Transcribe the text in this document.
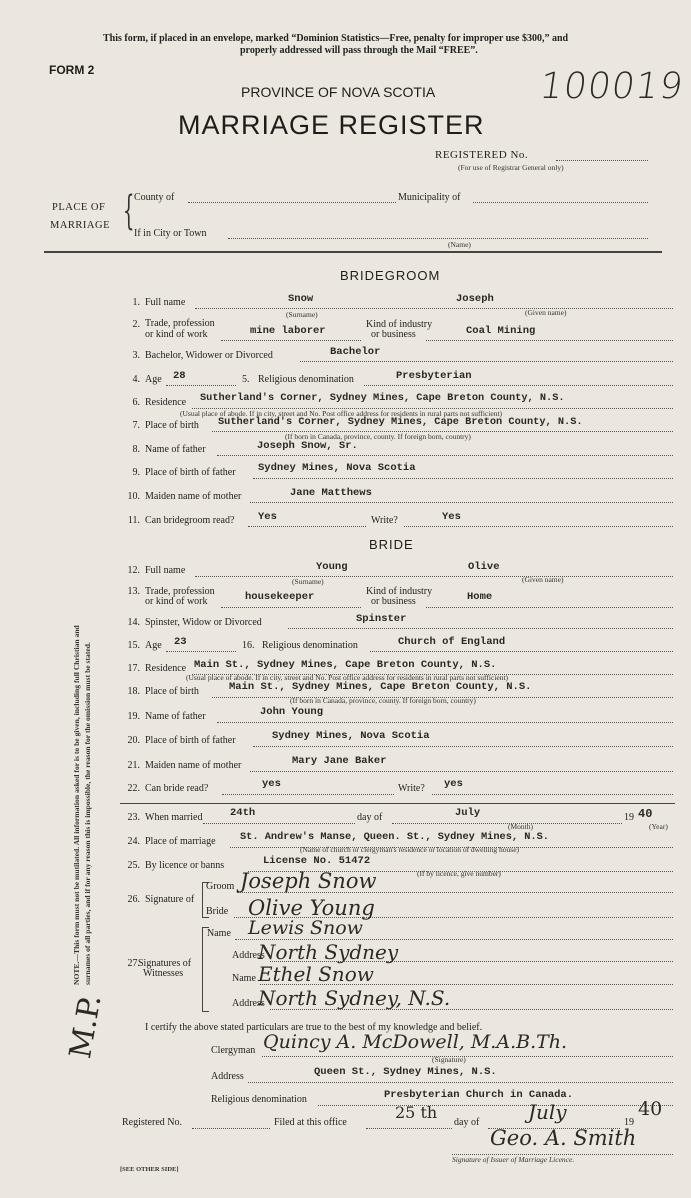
This form, if placed in an envelope, marked “Dominion Statistics—Free, penalty for improper use $300,” and
properly addressed will pass through the Mail “FREE”.
FORM 2	100019
PROVINCE OF NOVA SCOTIA
MARRIAGE REGISTER
REGISTERED No.
(For use of Registrar General only)
PLACE OF
MARRIAGE { County of	Municipality of
If in City or Town
(Name)
NOTE.—This form must not be mutilated. All information asked for is to be given, including full Christian and surnames of all parties, and if for any reason this is impossible, the reason for the omission must be stated.
M.P.
BRIDEGROOM
1. Full name	Snow	Joseph
(Surname)	(Given name)
2. Trade, profession
or kind of work	mine laborer
Kind of industry
or business	Coal Mining
3. Bachelor, Widower or Divorced	Bachelor
4. Age 28	5. Religious denomination	Presbyterian
6. Residence Sutherland's Corner, Sydney Mines, Cape Breton County, N.S.
(Usual place of abode. If in city, street and No. Post office address for residents in rural parts not sufficient)
7. Place of birth Sutherland's Corner, Sydney Mines, Cape Breton County, N.S.
(If born in Canada, province, county. If foreign born, country)
8. Name of father	Joseph Snow, Sr.
9. Place of birth of father Sydney Mines, Nova Scotia
10. Maiden name of mother	Jane Matthews
11. Can bridegroom read? Yes	Write?	Yes
BRIDE
12. Full name	Young	Olive
(Surname)	(Given name)
13. Trade, profession
or kind of work	housekeeper	Kind of industry
or business	Home
14. Spinster, Widow or Divorced	Spinster
15. Age 23	16. Religious denomination	Church of England
17. Residence Main St., Sydney Mines, Cape Breton County, N.S.
(Usual place of abode. If in city, street and No. Post office address for residents in rural parts not sufficient)
18. Place of birth	Main St., Sydney Mines, Cape Breton County, N.S.
(If born in Canada, province, county. If foreign born, country)
19. Name of father	John Young
20. Place of birth of father	Sydney Mines, Nova Scotia
21. Maiden name of mother	Mary Jane Baker
22. Can bride read?	yes	Write? yes
23. When married	24th	day of	July
(Month)
19 40
(Year)
24. Place of marriage St. Andrew's Manse, Queen. St., Sydney Mines, N.S.
(Name of church or clergyman's residence or location of dwelling house)
25. By licence or banns	License No. 51472
(If by licence, give number)
26. Signature of
Groom Joseph Snow
Bride Olive Young
27.
Signatures of
Witnesses
Name Lewis Snow
Address
North Sydney
Name Ethel Snow
Address
North Sydney, N.S.
I certify the above stated particulars are true to the best of my knowledge and belief.
Clergyman Quincy A. McDowell, M.A.B.Th.
(Signature)
Address	Queen St., Sydney Mines, N.S.
Religious denomination	Presbyterian Church in Canada.
Registered No.	Filed at this office
25 th
day of July	19
40
Geo. A. Smith
Signature of Issuer of Marriage Licence.
[SEE OTHER SIDE]
